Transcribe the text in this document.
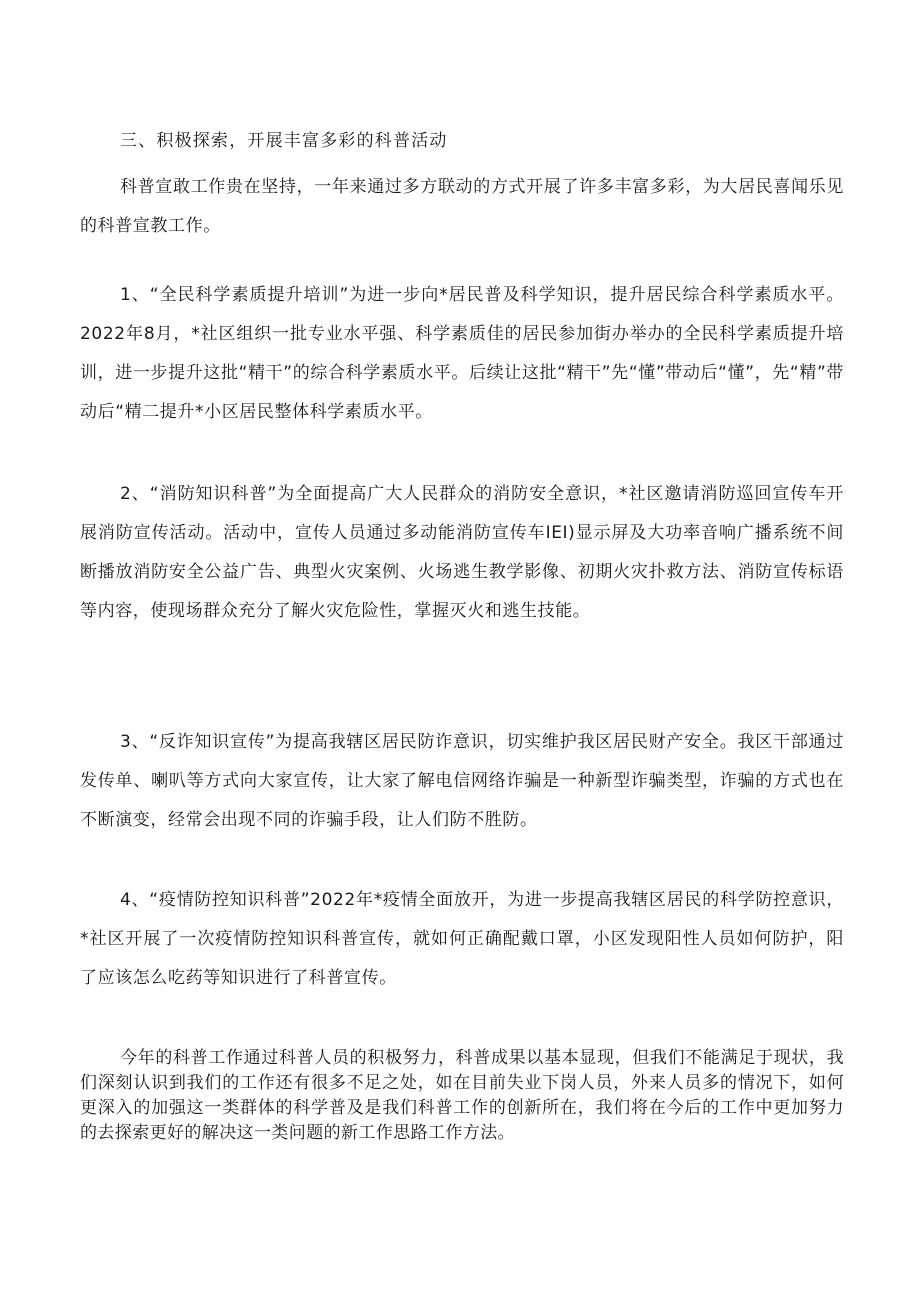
三、积极探索，开展丰富多彩的科普活动

科普宣敢工作贵在坚持，一年来通过多方联动的方式开展了许多丰富多彩，为大居民喜闻乐见的科普宣教工作。

1、“全民科学素质提升培训”为进一步向*居民普及科学知识，提升居民综合科学素质水平。2022年8月，*社区组织一批专业水平强、科学素质佳的居民参加街办举办的全民科学素质提升培训，进一步提升这批“精干”的综合科学素质水平。后续让这批“精干”先“懂”带动后“懂”，先“精”带动后“精二提升*小区居民整体科学素质水平。

2、“消防知识科普”为全面提高广大人民群众的消防安全意识，*社区邀请消防巡回宣传车开展消防宣传活动。活动中，宣传人员通过多动能消防宣传车IEI)显示屏及大功率音响广播系统不间断播放消防安全公益广告、典型火灾案例、火场逃生教学影像、初期火灾扑救方法、消防宣传标语等内容，使现场群众充分了解火灾危险性，掌握灭火和逃生技能。

3、“反诈知识宣传”为提高我辖区居民防诈意识，切实维护我区居民财产安全。我区干部通过发传单、喇叭等方式向大家宣传，让大家了解电信网络诈骗是一种新型诈骗类型，诈骗的方式也在不断演变，经常会出现不同的诈骗手段，让人们防不胜防。

4、“疫情防控知识科普”2022年*疫情全面放开，为进一步提高我辖区居民的科学防控意识，*社区开展了一次疫情防控知识科普宣传，就如何正确配戴口罩，小区发现阳性人员如何防护，阳了应该怎么吃药等知识进行了科普宣传。

今年的科普工作通过科普人员的积极努力，科普成果以基本显现，但我们不能满足于现状，我们深刻认识到我们的工作还有很多不足之处，如在目前失业下岗人员，外来人员多的情况下，如何更深入的加强这一类群体的科学普及是我们科普工作的创新所在，我们将在今后的工作中更加努力的去探索更好的解决这一类问题的新工作思路工作方法。
